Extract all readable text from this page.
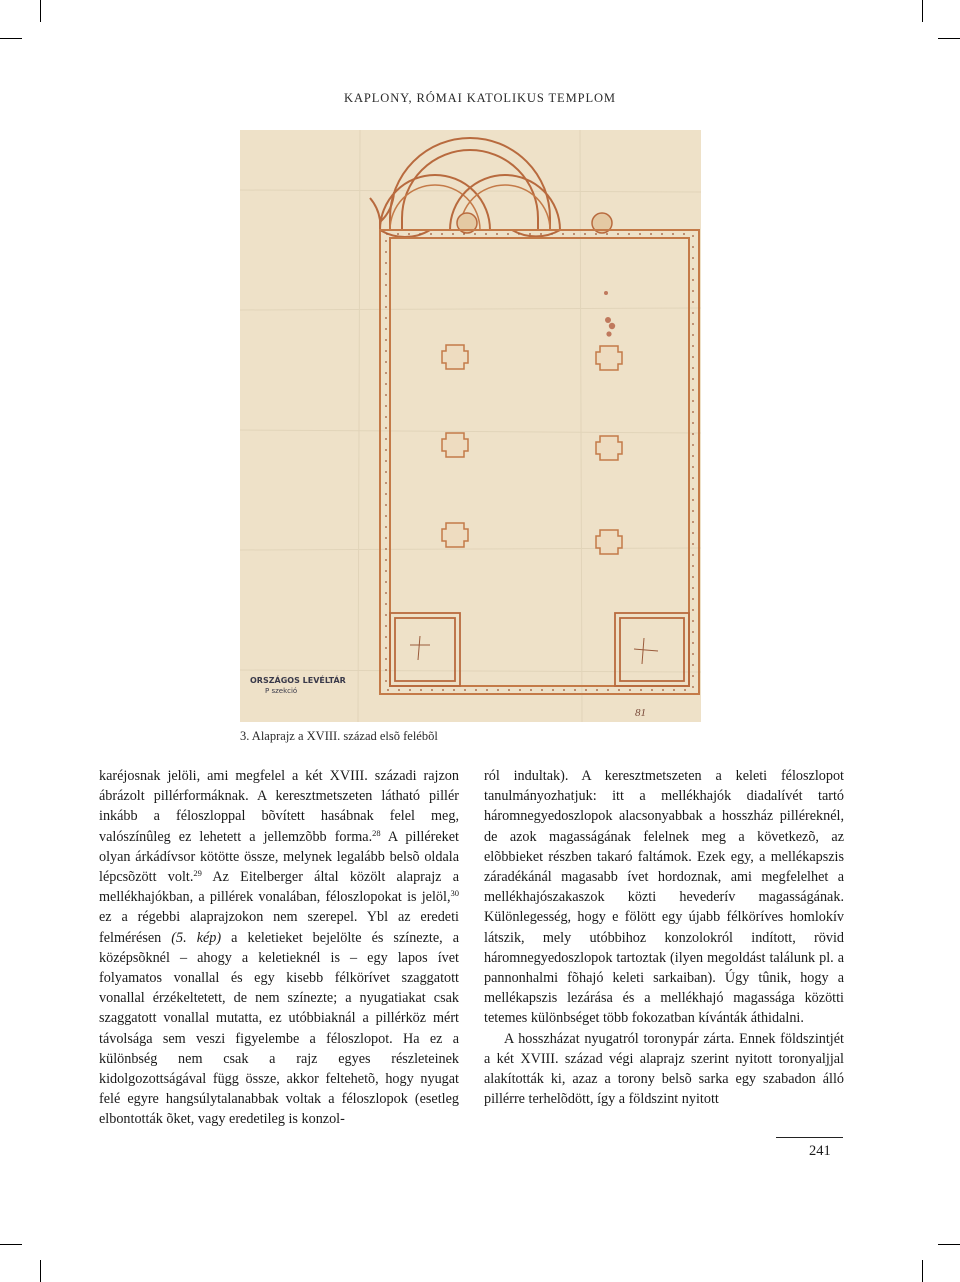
KAPLONY, RÓMAI KATOLIKUS TEMPLOM
ORSZÁGOS LEVÉLTÁR
P szekció
81
3. Alaprajz a XVIII. század elsõ felébõl

karéjosnak jelöli, ami megfelel a két XVIII. századi rajzon ábrázolt pillérformáknak. A keresztmetszeten látható pillér inkább a féloszloppal bõvített hasábnak felel meg, valószínûleg ez lehetett a jellemzõbb forma.$^{28}$ A pilléreket olyan árkádívsor kötötte össze, melynek legalább belsõ oldala lépcsõzött volt.$^{29}$ Az Eitelberger által közölt alaprajz a mellékhajókban, a pillérek vonalában, féloszlopokat is jelöl,$^{30}$ ez a régebbi alaprajzokon nem szerepel. Ybl az eredeti felmérésen (5. kép) a keletieket bejelölte és színezte, a középsõknél – ahogy a keletieknél is – egy lapos ívet folyamatos vonallal és egy kisebb félkörívet szaggatott vonallal érzékeltetett, de nem színezte; a nyugatiakat csak szaggatott vonallal mutatta, ez utóbbiaknál a pillérköz mért távolsága sem veszi figyelembe a féloszlopot. Ha ez a különbség nem csak a rajz egyes részleteinek kidolgozottságával függ össze, akkor feltehetõ, hogy nyugat felé egyre hangsúlytalanabbak voltak a féloszlopok (esetleg elbontották õket, vagy eredetileg is konzol-

ról indultak). A keresztmetszeten a keleti féloszlopot tanulmányozhatjuk: itt a mellékhajók diadalívét tartó háromnegyedoszlopok alacsonyabbak a hosszház pilléreknél, de azok magasságának felelnek meg a következõ, az elõbbieket részben takaró faltámok. Ezek egy, a mellékapszis záradékánál magasabb ívet hordoznak, ami megfelelhet a mellékhajószakaszok közti hevederív magasságának. Különlegesség, hogy e fölött egy újabb félköríves homlokív látszik, mely utóbbihoz konzolokról indított, rövid háromnegyedoszlopok tartoztak (ilyen megoldást találunk pl. a pannonhalmi fõhajó keleti sarkaiban). Úgy tûnik, hogy a mellékapszis lezárása és a mellékhajó magassága közötti tetemes különbséget több fokozatban kívánták áthidalni.

A hosszházat nyugatról toronypár zárta. Ennek földszintjét a két XVIII. század végi alaprajz szerint nyitott toronyaljjal alakították ki, azaz a torony belsõ sarka egy szabadon álló pillérre terhelõdött, így a földszint nyitott

241
